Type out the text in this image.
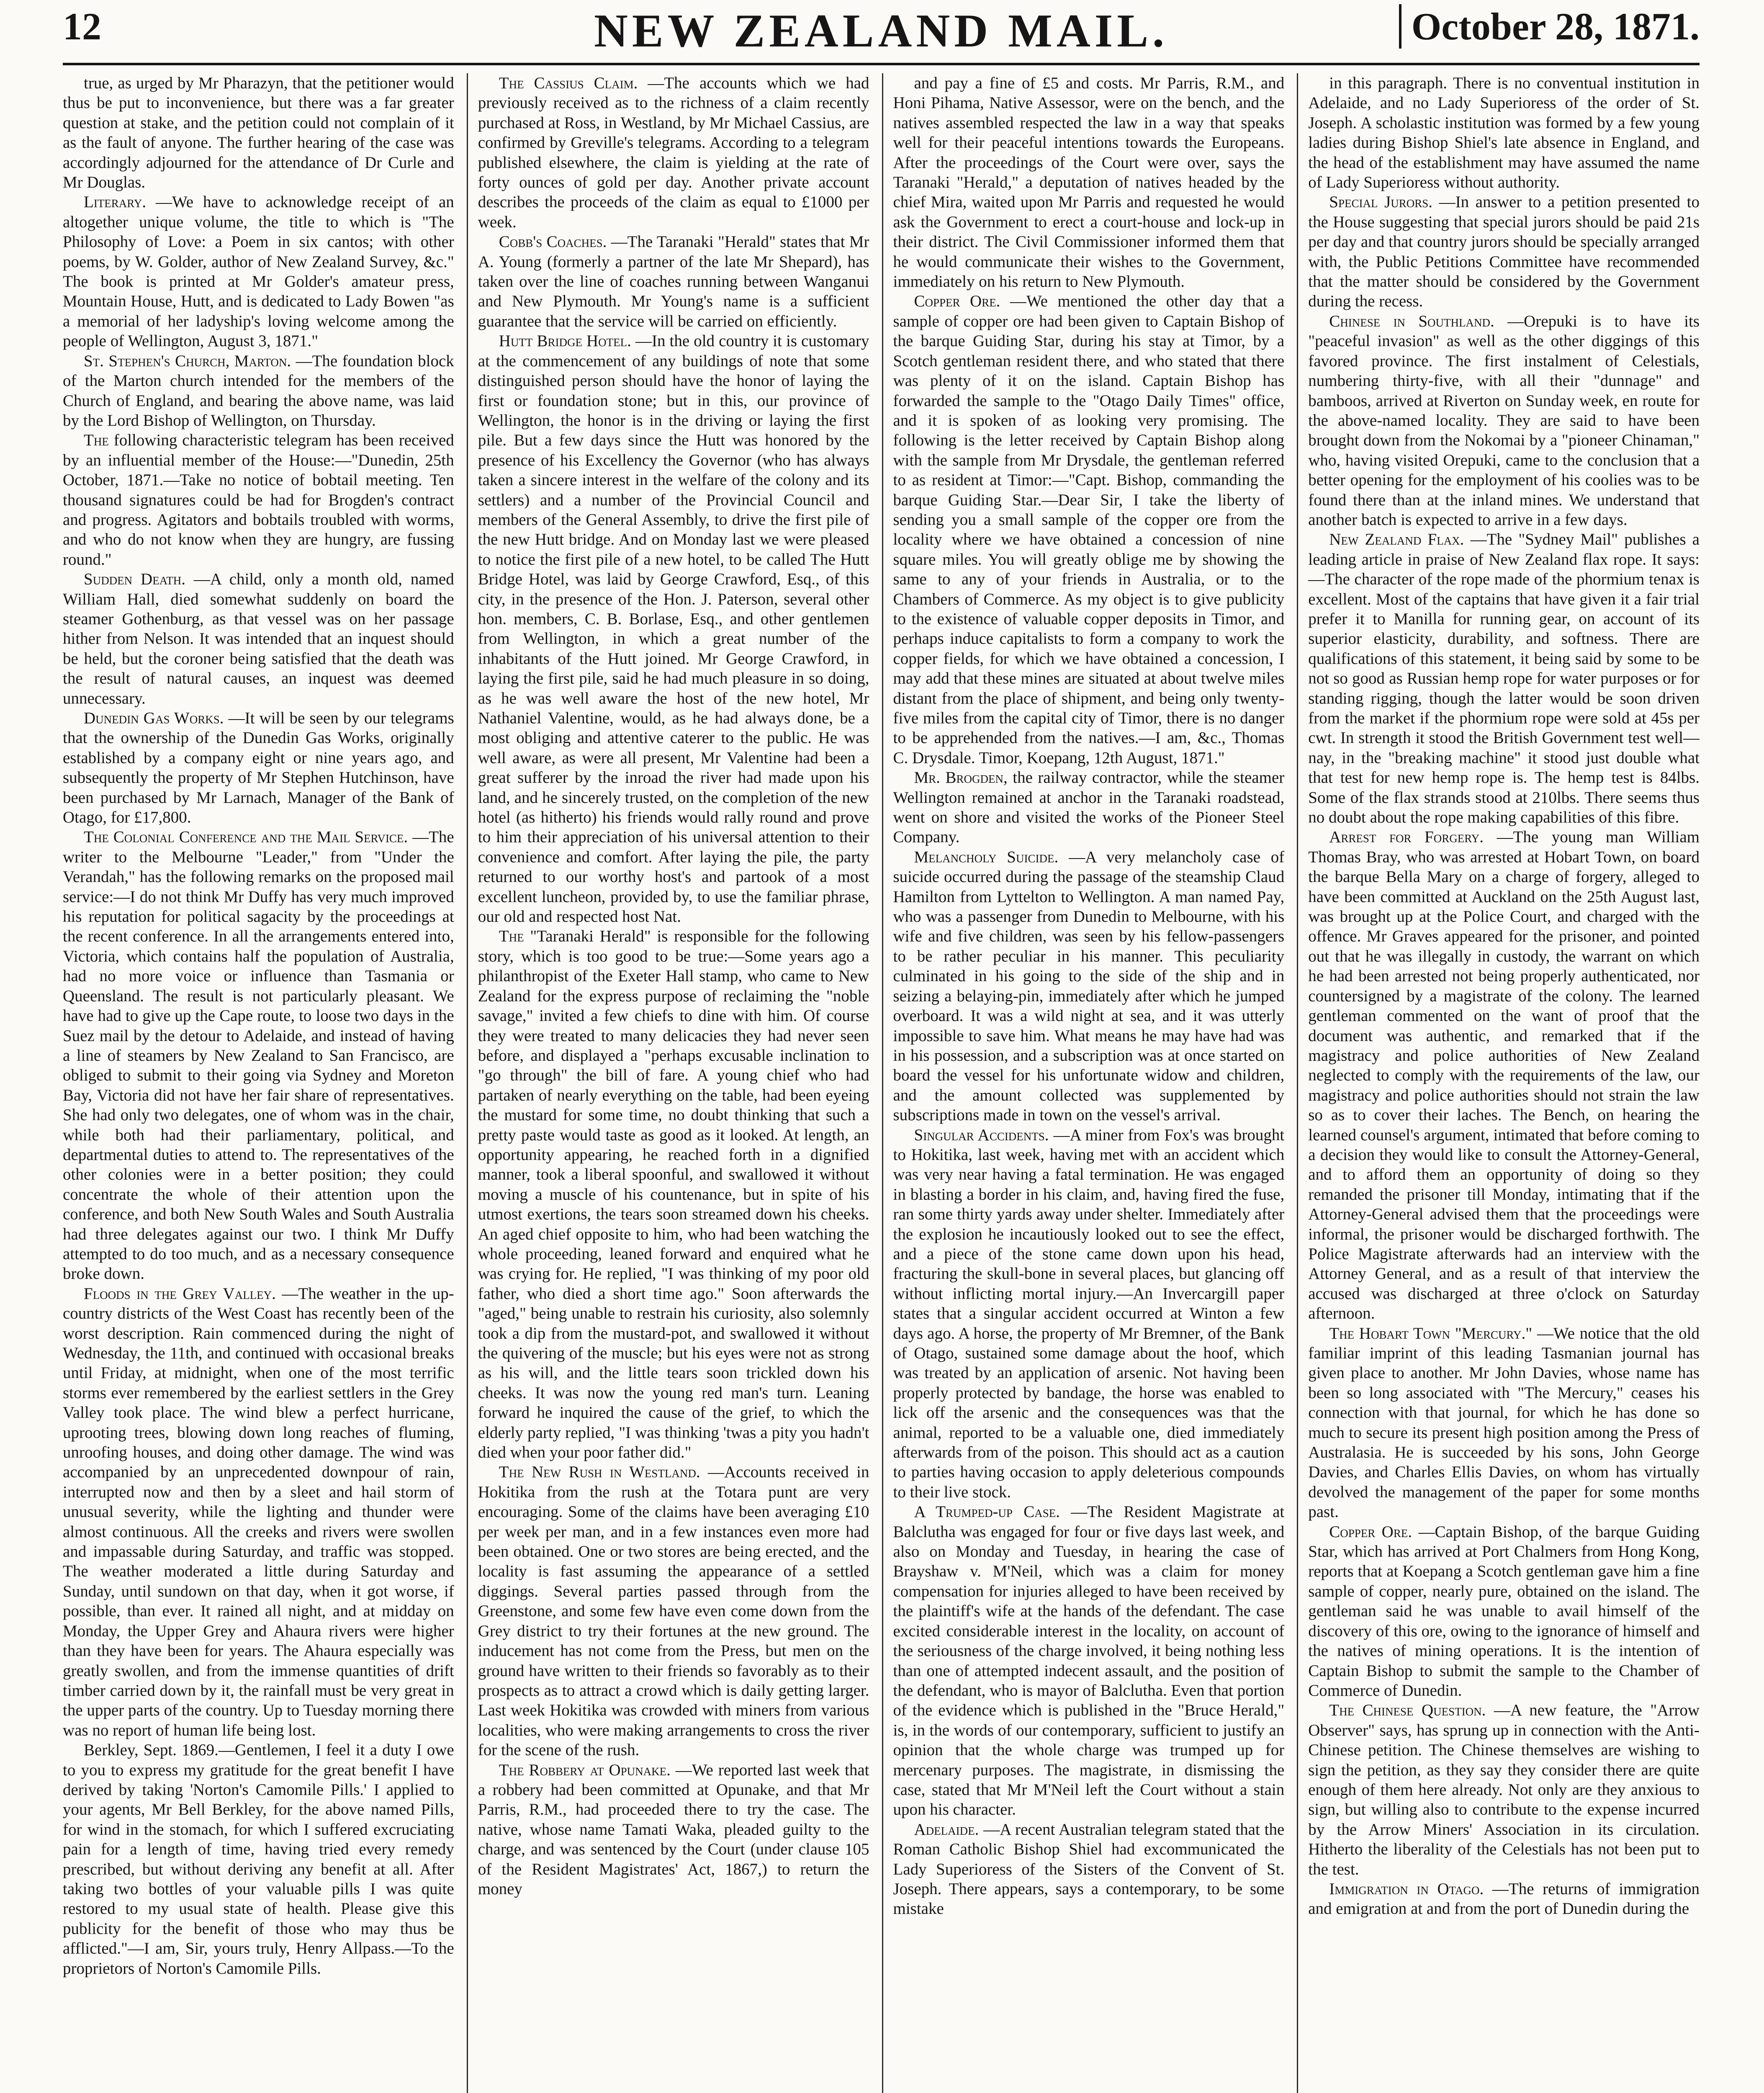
12	NEW ZEALAND MAIL.	October 28, 1871.

true, as urged by Mr Pharazyn, that the petitioner would thus be put to inconvenience, but there was a far greater question at stake, and the petition could not complain of it as the fault of anyone. The further hearing of the case was accordingly adjourned for the attendance of Dr Curle and Mr Douglas.

Literary. —We have to acknowledge receipt of an altogether unique volume, the title to which is "The Philosophy of Love: a Poem in six cantos; with other poems, by W. Golder, author of New Zealand Survey, &c." The book is printed at Mr Golder's amateur press, Mountain House, Hutt, and is dedicated to Lady Bowen "as a memorial of her ladyship's loving welcome among the people of Wellington, August 3, 1871."

St. Stephen's Church, Marton. —The foundation block of the Marton church intended for the members of the Church of England, and bearing the above name, was laid by the Lord Bishop of Wellington, on Thursday.

The following characteristic telegram has been received by an influential member of the House:—"Dunedin, 25th October, 1871.—Take no notice of bobtail meeting. Ten thousand signatures could be had for Brogden's contract and progress. Agitators and bobtails troubled with worms, and who do not know when they are hungry, are fussing round."

Sudden Death. —A child, only a month old, named William Hall, died somewhat suddenly on board the steamer Gothenburg, as that vessel was on her passage hither from Nelson. It was intended that an inquest should be held, but the coroner being satisfied that the death was the result of natural causes, an inquest was deemed unnecessary.

Dunedin Gas Works. —It will be seen by our telegrams that the ownership of the Dunedin Gas Works, originally established by a company eight or nine years ago, and subsequently the property of Mr Stephen Hutchinson, have been purchased by Mr Larnach, Manager of the Bank of Otago, for £17,800.

The Colonial Conference and the Mail Service. —The writer to the Melbourne "Leader," from "Under the Verandah," has the following remarks on the proposed mail service:—I do not think Mr Duffy has very much improved his reputation for political sagacity by the proceedings at the recent conference. In all the arrangements entered into, Victoria, which contains half the population of Australia, had no more voice or influence than Tasmania or Queensland. The result is not particularly pleasant. We have had to give up the Cape route, to loose two days in the Suez mail by the detour to Adelaide, and instead of having a line of steamers by New Zealand to San Francisco, are obliged to submit to their going via Sydney and Moreton Bay, Victoria did not have her fair share of representatives. She had only two delegates, one of whom was in the chair, while both had their parliamentary, political, and departmental duties to attend to. The representatives of the other colonies were in a better position; they could concentrate the whole of their attention upon the conference, and both New South Wales and South Australia had three delegates against our two. I think Mr Duffy attempted to do too much, and as a necessary consequence broke down.

Floods in the Grey Valley. —The weather in the up-country districts of the West Coast has recently been of the worst description. Rain commenced during the night of Wednesday, the 11th, and continued with occasional breaks until Friday, at midnight, when one of the most terrific storms ever remembered by the earliest settlers in the Grey Valley took place. The wind blew a perfect hurricane, uprooting trees, blowing down long reaches of fluming, unroofing houses, and doing other damage. The wind was accompanied by an unprecedented downpour of rain, interrupted now and then by a sleet and hail storm of unusual severity, while the lighting and thunder were almost continuous. All the creeks and rivers were swollen and impassable during Saturday, and traffic was stopped. The weather moderated a little during Saturday and Sunday, until sundown on that day, when it got worse, if possible, than ever. It rained all night, and at midday on Monday, the Upper Grey and Ahaura rivers were higher than they have been for years. The Ahaura especially was greatly swollen, and from the immense quantities of drift timber carried down by it, the rainfall must be very great in the upper parts of the country. Up to Tuesday morning there was no report of human life being lost.

Berkley, Sept. 1869.—Gentlemen, I feel it a duty I owe to you to express my gratitude for the great benefit I have derived by taking 'Norton's Camomile Pills.' I applied to your agents, Mr Bell Berkley, for the above named Pills, for wind in the stomach, for which I suffered excruciating pain for a length of time, having tried every remedy prescribed, but without deriving any benefit at all. After taking two bottles of your valuable pills I was quite restored to my usual state of health. Please give this publicity for the benefit of those who may thus be afflicted."—I am, Sir, yours truly, Henry Allpass.—To the proprietors of Norton's Camomile Pills.

The Cassius Claim. —The accounts which we had previously received as to the richness of a claim recently purchased at Ross, in Westland, by Mr Michael Cassius, are confirmed by Greville's telegrams. According to a telegram published elsewhere, the claim is yielding at the rate of forty ounces of gold per day. Another private account describes the proceeds of the claim as equal to £1000 per week.

Cobb's Coaches. —The Taranaki "Herald" states that Mr A. Young (formerly a partner of the late Mr Shepard), has taken over the line of coaches running between Wanganui and New Plymouth. Mr Young's name is a sufficient guarantee that the service will be carried on efficiently.

Hutt Bridge Hotel. —In the old country it is customary at the commencement of any buildings of note that some distinguished person should have the honor of laying the first or foundation stone; but in this, our province of Wellington, the honor is in the driving or laying the first pile. But a few days since the Hutt was honored by the presence of his Excellency the Governor (who has always taken a sincere interest in the welfare of the colony and its settlers) and a number of the Provincial Council and members of the General Assembly, to drive the first pile of the new Hutt bridge. And on Monday last we were pleased to notice the first pile of a new hotel, to be called The Hutt Bridge Hotel, was laid by George Crawford, Esq., of this city, in the presence of the Hon. J. Paterson, several other hon. members, C. B. Borlase, Esq., and other gentlemen from Wellington, in which a great number of the inhabitants of the Hutt joined. Mr George Crawford, in laying the first pile, said he had much pleasure in so doing, as he was well aware the host of the new hotel, Mr Nathaniel Valentine, would, as he had always done, be a most obliging and attentive caterer to the public. He was well aware, as were all present, Mr Valentine had been a great sufferer by the inroad the river had made upon his land, and he sincerely trusted, on the completion of the new hotel (as hitherto) his friends would rally round and prove to him their appreciation of his universal attention to their convenience and comfort. After laying the pile, the party returned to our worthy host's and partook of a most excellent luncheon, provided by, to use the familiar phrase, our old and respected host Nat.

The "Taranaki Herald" is responsible for the following story, which is too good to be true:—Some years ago a philanthropist of the Exeter Hall stamp, who came to New Zealand for the express purpose of reclaiming the "noble savage," invited a few chiefs to dine with him. Of course they were treated to many delicacies they had never seen before, and displayed a "perhaps excusable inclination to "go through" the bill of fare. A young chief who had partaken of nearly everything on the table, had been eyeing the mustard for some time, no doubt thinking that such a pretty paste would taste as good as it looked. At length, an opportunity appearing, he reached forth in a dignified manner, took a liberal spoonful, and swallowed it without moving a muscle of his countenance, but in spite of his utmost exertions, the tears soon streamed down his cheeks. An aged chief opposite to him, who had been watching the whole proceeding, leaned forward and enquired what he was crying for. He replied, "I was thinking of my poor old father, who died a short time ago." Soon afterwards the "aged," being unable to restrain his curiosity, also solemnly took a dip from the mustard-pot, and swallowed it without the quivering of the muscle; but his eyes were not as strong as his will, and the little tears soon trickled down his cheeks. It was now the young red man's turn. Leaning forward he inquired the cause of the grief, to which the elderly party replied, "I was thinking 'twas a pity you hadn't died when your poor father did."

The New Rush in Westland. —Accounts received in Hokitika from the rush at the Totara punt are very encouraging. Some of the claims have been averaging £10 per week per man, and in a few instances even more had been obtained. One or two stores are being erected, and the locality is fast assuming the appearance of a settled diggings. Several parties passed through from the Greenstone, and some few have even come down from the Grey district to try their fortunes at the new ground. The inducement has not come from the Press, but men on the ground have written to their friends so favorably as to their prospects as to attract a crowd which is daily getting larger. Last week Hokitika was crowded with miners from various localities, who were making arrangements to cross the river for the scene of the rush.

The Robbery at Opunake. —We reported last week that a robbery had been committed at Opunake, and that Mr Parris, R.M., had proceeded there to try the case. The native, whose name Tamati Waka, pleaded guilty to the charge, and was sentenced by the Court (under clause 105 of the Resident Magistrates' Act, 1867,) to return the money

and pay a fine of £5 and costs. Mr Parris, R.M., and Honi Pihama, Native Assessor, were on the bench, and the natives assembled respected the law in a way that speaks well for their peaceful intentions towards the Europeans. After the proceedings of the Court were over, says the Taranaki "Herald," a deputation of natives headed by the chief Mira, waited upon Mr Parris and requested he would ask the Government to erect a court-house and lock-up in their district. The Civil Commissioner informed them that he would communicate their wishes to the Government, immediately on his return to New Plymouth.

Copper Ore. —We mentioned the other day that a sample of copper ore had been given to Captain Bishop of the barque Guiding Star, during his stay at Timor, by a Scotch gentleman resident there, and who stated that there was plenty of it on the island. Captain Bishop has forwarded the sample to the "Otago Daily Times" office, and it is spoken of as looking very promising. The following is the letter received by Captain Bishop along with the sample from Mr Drysdale, the gentleman referred to as resident at Timor:—"Capt. Bishop, commanding the barque Guiding Star.—Dear Sir, I take the liberty of sending you a small sample of the copper ore from the locality where we have obtained a concession of nine square miles. You will greatly oblige me by showing the same to any of your friends in Australia, or to the Chambers of Commerce. As my object is to give publicity to the existence of valuable copper deposits in Timor, and perhaps induce capitalists to form a company to work the copper fields, for which we have obtained a concession, I may add that these mines are situated at about twelve miles distant from the place of shipment, and being only twenty-five miles from the capital city of Timor, there is no danger to be apprehended from the natives.—I am, &c., Thomas C. Drysdale. Timor, Koepang, 12th August, 1871."

Mr. Brogden, the railway contractor, while the steamer Wellington remained at anchor in the Taranaki roadstead, went on shore and visited the works of the Pioneer Steel Company.

Melancholy Suicide. —A very melancholy case of suicide occurred during the passage of the steamship Claud Hamilton from Lyttelton to Wellington. A man named Pay, who was a passenger from Dunedin to Melbourne, with his wife and five children, was seen by his fellow-passengers to be rather peculiar in his manner. This peculiarity culminated in his going to the side of the ship and in seizing a belaying-pin, immediately after which he jumped overboard. It was a wild night at sea, and it was utterly impossible to save him. What means he may have had was in his possession, and a subscription was at once started on board the vessel for his unfortunate widow and children, and the amount collected was supplemented by subscriptions made in town on the vessel's arrival.

Singular Accidents. —A miner from Fox's was brought to Hokitika, last week, having met with an accident which was very near having a fatal termination. He was engaged in blasting a border in his claim, and, having fired the fuse, ran some thirty yards away under shelter. Immediately after the explosion he incautiously looked out to see the effect, and a piece of the stone came down upon his head, fracturing the skull-bone in several places, but glancing off without inflicting mortal injury.—An Invercargill paper states that a singular accident occurred at Winton a few days ago. A horse, the property of Mr Bremner, of the Bank of Otago, sustained some damage about the hoof, which was treated by an application of arsenic. Not having been properly protected by bandage, the horse was enabled to lick off the arsenic and the consequences was that the animal, reported to be a valuable one, died immediately afterwards from of the poison. This should act as a caution to parties having occasion to apply deleterious compounds to their live stock.

A Trumped-up Case. —The Resident Magistrate at Balclutha was engaged for four or five days last week, and also on Monday and Tuesday, in hearing the case of Brayshaw v. M'Neil, which was a claim for money compensation for injuries alleged to have been received by the plaintiff's wife at the hands of the defendant. The case excited considerable interest in the locality, on account of the seriousness of the charge involved, it being nothing less than one of attempted indecent assault, and the position of the defendant, who is mayor of Balclutha. Even that portion of the evidence which is published in the "Bruce Herald," is, in the words of our contemporary, sufficient to justify an opinion that the whole charge was trumped up for mercenary purposes. The magistrate, in dismissing the case, stated that Mr M'Neil left the Court without a stain upon his character.

Adelaide. —A recent Australian telegram stated that the Roman Catholic Bishop Shiel had excommunicated the Lady Superioress of the Sisters of the Convent of St. Joseph. There appears, says a contemporary, to be some mistake

in this paragraph. There is no conventual institution in Adelaide, and no Lady Superioress of the order of St. Joseph. A scholastic institution was formed by a few young ladies during Bishop Shiel's late absence in England, and the head of the establishment may have assumed the name of Lady Superioress without authority.

Special Jurors. —In answer to a petition presented to the House suggesting that special jurors should be paid 21s per day and that country jurors should be specially arranged with, the Public Petitions Committee have recommended that the matter should be considered by the Government during the recess.

Chinese in Southland. —Orepuki is to have its "peaceful invasion" as well as the other diggings of this favored province. The first instalment of Celestials, numbering thirty-five, with all their "dunnage" and bamboos, arrived at Riverton on Sunday week, en route for the above-named locality. They are said to have been brought down from the Nokomai by a "pioneer Chinaman," who, having visited Orepuki, came to the conclusion that a better opening for the employment of his coolies was to be found there than at the inland mines. We understand that another batch is expected to arrive in a few days.

New Zealand Flax. —The "Sydney Mail" publishes a leading article in praise of New Zealand flax rope. It says:—The character of the rope made of the phormium tenax is excellent. Most of the captains that have given it a fair trial prefer it to Manilla for running gear, on account of its superior elasticity, durability, and softness. There are qualifications of this statement, it being said by some to be not so good as Russian hemp rope for water purposes or for standing rigging, though the latter would be soon driven from the market if the phormium rope were sold at 45s per cwt. In strength it stood the British Government test well—nay, in the "breaking machine" it stood just double what that test for new hemp rope is. The hemp test is 84lbs. Some of the flax strands stood at 210lbs. There seems thus no doubt about the rope making capabilities of this fibre.

Arrest for Forgery. —The young man William Thomas Bray, who was arrested at Hobart Town, on board the barque Bella Mary on a charge of forgery, alleged to have been committed at Auckland on the 25th August last, was brought up at the Police Court, and charged with the offence. Mr Graves appeared for the prisoner, and pointed out that he was illegally in custody, the warrant on which he had been arrested not being properly authenticated, nor countersigned by a magistrate of the colony. The learned gentleman commented on the want of proof that the document was authentic, and remarked that if the magistracy and police authorities of New Zealand neglected to comply with the requirements of the law, our magistracy and police authorities should not strain the law so as to cover their laches. The Bench, on hearing the learned counsel's argument, intimated that before coming to a decision they would like to consult the Attorney-General, and to afford them an opportunity of doing so they remanded the prisoner till Monday, intimating that if the Attorney-General advised them that the proceedings were informal, the prisoner would be discharged forthwith. The Police Magistrate afterwards had an interview with the Attorney General, and as a result of that interview the accused was discharged at three o'clock on Saturday afternoon.

The Hobart Town "Mercury." —We notice that the old familiar imprint of this leading Tasmanian journal has given place to another. Mr John Davies, whose name has been so long associated with "The Mercury," ceases his connection with that journal, for which he has done so much to secure its present high position among the Press of Australasia. He is succeeded by his sons, John George Davies, and Charles Ellis Davies, on whom has virtually devolved the management of the paper for some months past.

Copper Ore. —Captain Bishop, of the barque Guiding Star, which has arrived at Port Chalmers from Hong Kong, reports that at Koepang a Scotch gentleman gave him a fine sample of copper, nearly pure, obtained on the island. The gentleman said he was unable to avail himself of the discovery of this ore, owing to the ignorance of himself and the natives of mining operations. It is the intention of Captain Bishop to submit the sample to the Chamber of Commerce of Dunedin.

The Chinese Question. —A new feature, the "Arrow Observer" says, has sprung up in connection with the Anti-Chinese petition. The Chinese themselves are wishing to sign the petition, as they say they consider there are quite enough of them here already. Not only are they anxious to sign, but willing also to contribute to the expense incurred by the Arrow Miners' Association in its circulation. Hitherto the liberality of the Celestials has not been put to the test.

Immigration in Otago. —The returns of immigration and emigration at and from the port of Dunedin during the
